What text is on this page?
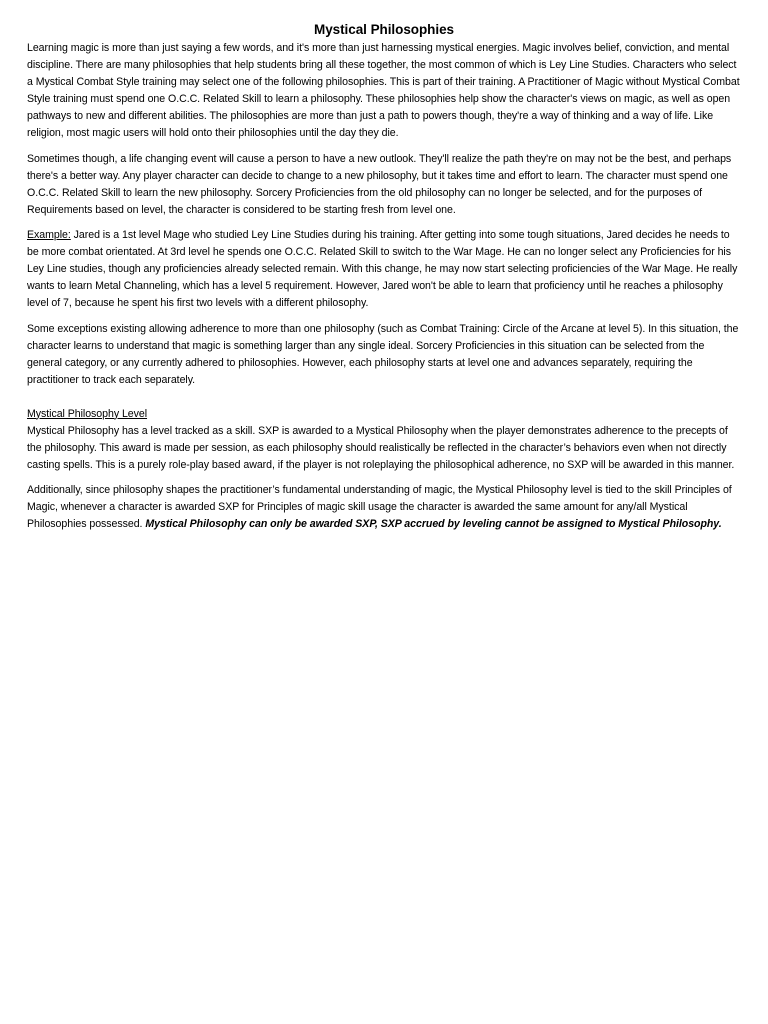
Mystical Philosophies

Learning magic is more than just saying a few words, and it's more than just harnessing mystical energies. Magic involves belief, conviction, and mental discipline. There are many philosophies that help students bring all these together, the most common of which is Ley Line Studies. Characters who select a Mystical Combat Style training may select one of the following philosophies. This is part of their training. A Practitioner of Magic without Mystical Combat Style training must spend one O.C.C. Related Skill to learn a philosophy. These philosophies help show the character's views on magic, as well as open pathways to new and different abilities. The philosophies are more than just a path to powers though, they're a way of thinking and a way of life. Like religion, most magic users will hold onto their philosophies until the day they die.

Sometimes though, a life changing event will cause a person to have a new outlook. They'll realize the path they're on may not be the best, and perhaps there's a better way. Any player character can decide to change to a new philosophy, but it takes time and effort to learn. The character must spend one O.C.C. Related Skill to learn the new philosophy. Sorcery Proficiencies from the old philosophy can no longer be selected, and for the purposes of Requirements based on level, the character is considered to be starting fresh from level one.

Example: Jared is a 1st level Mage who studied Ley Line Studies during his training. After getting into some tough situations, Jared decides he needs to be more combat orientated. At 3rd level he spends one O.C.C. Related Skill to switch to the War Mage. He can no longer select any Proficiencies for his Ley Line studies, though any proficiencies already selected remain. With this change, he may now start selecting proficiencies of the War Mage. He really wants to learn Metal Channeling, which has a level 5 requirement. However, Jared won't be able to learn that proficiency until he reaches a philosophy level of 7, because he spent his first two levels with a different philosophy.

Some exceptions existing allowing adherence to more than one philosophy (such as Combat Training: Circle of the Arcane at level 5). In this situation, the character learns to understand that magic is something larger than any single ideal. Sorcery Proficiencies in this situation can be selected from the general category, or any currently adhered to philosophies. However, each philosophy starts at level one and advances separately, requiring the practitioner to track each separately.

Mystical Philosophy Level

Mystical Philosophy has a level tracked as a skill. SXP is awarded to a Mystical Philosophy when the player demonstrates adherence to the precepts of the philosophy. This award is made per session, as each philosophy should realistically be reflected in the character’s behaviors even when not directly casting spells. This is a purely role-play based award, if the player is not roleplaying the philosophical adherence, no SXP will be awarded in this manner.

Additionally, since philosophy shapes the practitioner’s fundamental understanding of magic, the Mystical Philosophy level is tied to the skill Principles of Magic, whenever a character is awarded SXP for Principles of magic skill usage the character is awarded the same amount for any/all Mystical Philosophies possessed. Mystical Philosophy can only be awarded SXP, SXP accrued by leveling cannot be assigned to Mystical Philosophy.
